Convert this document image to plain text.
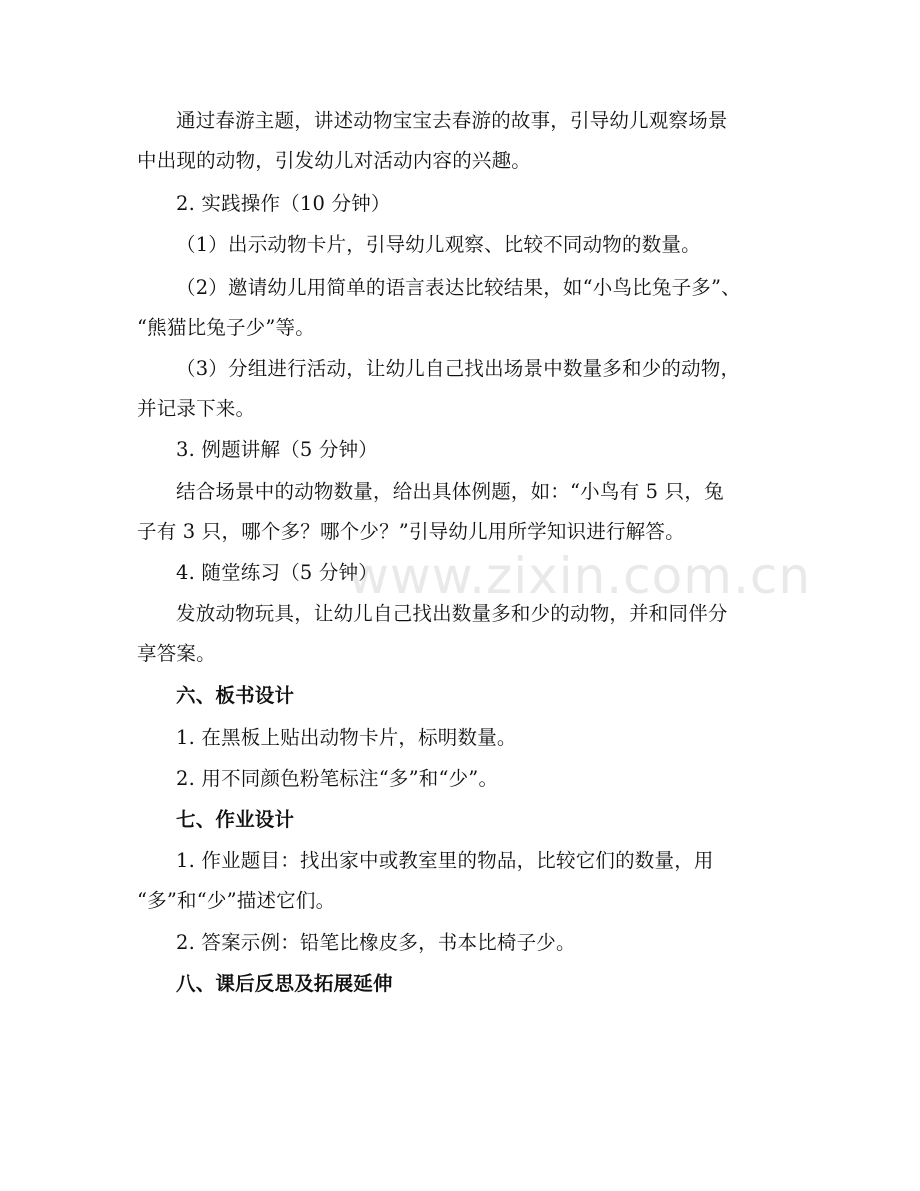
通过春游主题，讲述动物宝宝去春游的故事，引导幼儿观察场景
中出现的动物，引发幼儿对活动内容的兴趣。
2. 实践操作（10 分钟）
（1）出示动物卡片，引导幼儿观察、比较不同动物的数量。
（2）邀请幼儿用简单的语言表达比较结果，如“小鸟比兔子多”、
“熊猫比兔子少”等。
（3）分组进行活动，让幼儿自己找出场景中数量多和少的动物，
并记录下来。
3. 例题讲解（5 分钟）
结合场景中的动物数量，给出具体例题，如：“小鸟有 5 只，兔
子有 3 只，哪个多？哪个少？”引导幼儿用所学知识进行解答。
4. 随堂练习（5 分钟）
发放动物玩具，让幼儿自己找出数量多和少的动物，并和同伴分
享答案。
六、板书设计
1. 在黑板上贴出动物卡片，标明数量。
2. 用不同颜色粉笔标注“多”和“少”。
七、作业设计
1. 作业题目：找出家中或教室里的物品，比较它们的数量，用
“多”和“少”描述它们。
2. 答案示例：铅笔比橡皮多，书本比椅子少。
八、课后反思及拓展延伸
www.zixin.com.cn
